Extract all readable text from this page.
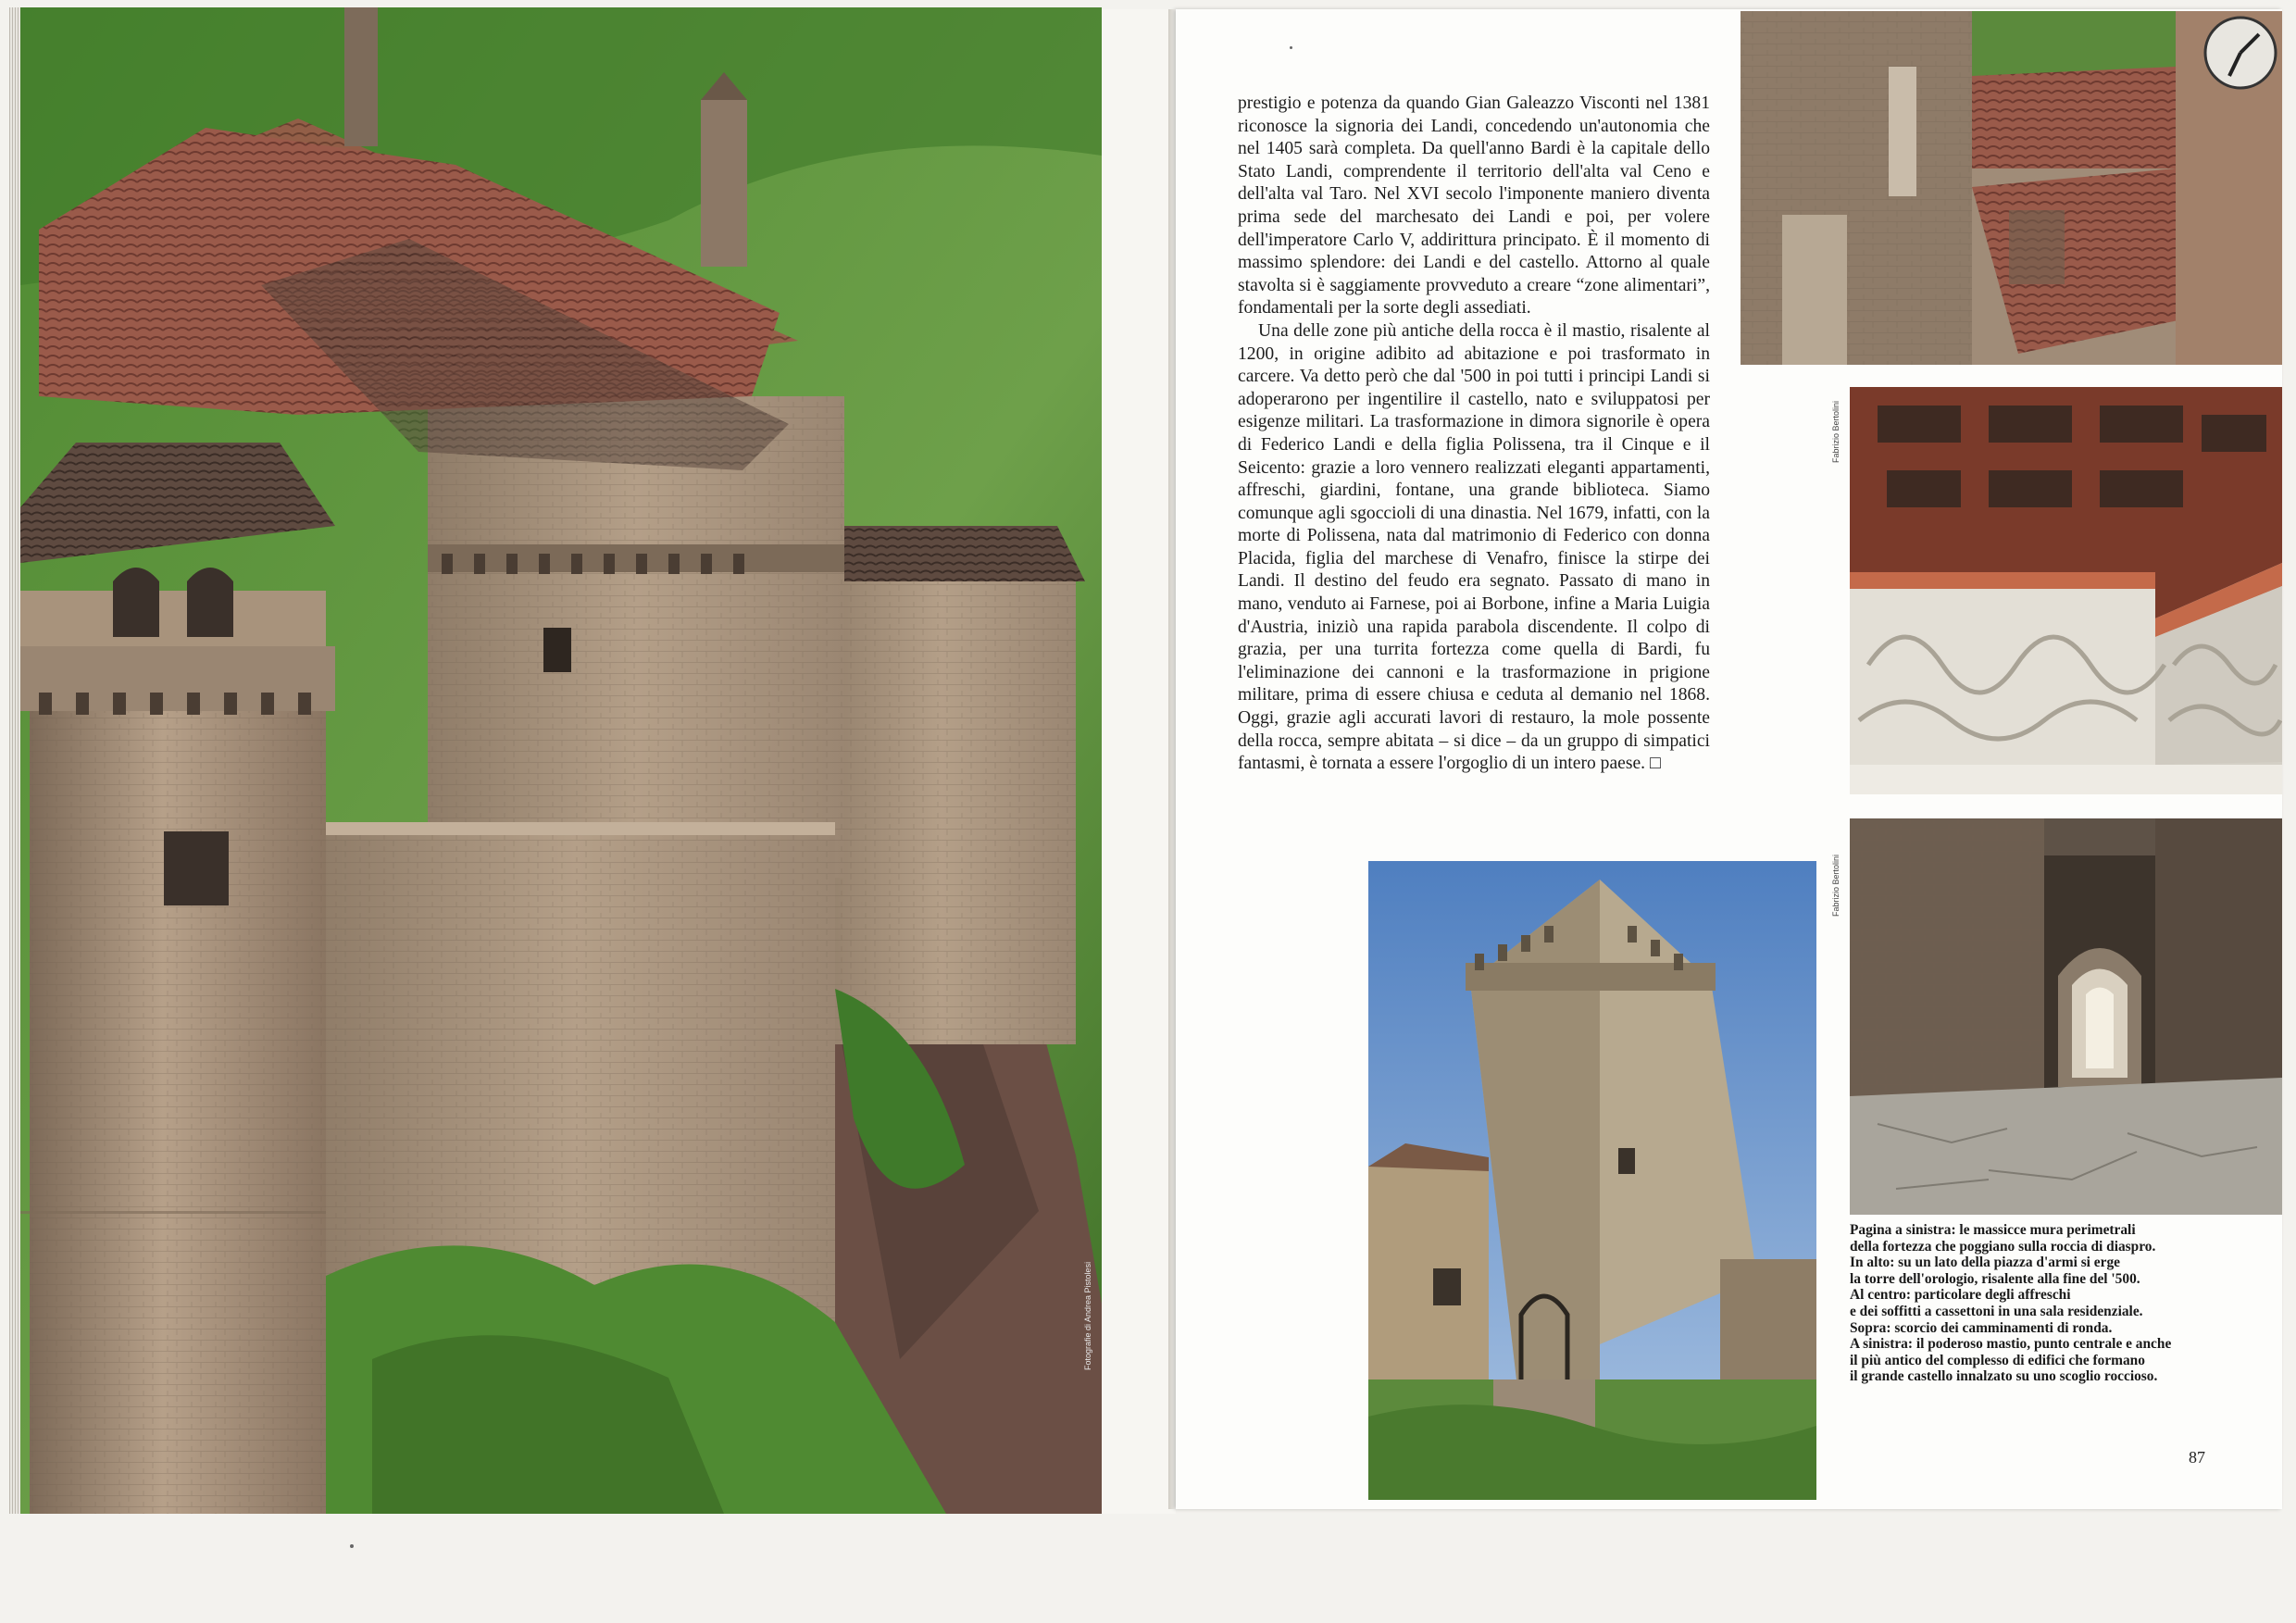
Fotografie di Andrea Pistolesi

prestigio e potenza da quando Gian Galeazzo Visconti nel 1381 riconosce la signoria dei Landi, concedendo un'autonomia che nel 1405 sarà completa. Da quell'anno Bardi è la capitale dello Stato Landi, comprendente il territorio dell'alta val Ceno e dell'alta val Taro. Nel XVI secolo l'imponente maniero diventa prima sede del marchesato dei Landi e poi, per volere dell'imperatore Carlo V, addirittura principato. È il momento di massimo splendore: dei Landi e del castello. Attorno al quale stavolta si è saggiamente provveduto a creare “zone alimentari”, fondamentali per la sorte degli assediati.

Una delle zone più antiche della rocca è il mastio, risalente al 1200, in origine adibito ad abitazione e poi trasformato in carcere. Va detto però che dal '500 in poi tutti i principi Landi si adoperarono per ingentilire il castello, nato e sviluppatosi per esigenze militari. La trasformazione in dimora signorile è opera di Federico Landi e della figlia Polissena, tra il Cinque e il Seicento: grazie a loro vennero realizzati eleganti appartamenti, affreschi, giardini, fontane, una grande biblioteca. Siamo comunque agli sgoccioli di una dinastia. Nel 1679, infatti, con la morte di Polissena, nata dal matrimonio di Federico con donna Placida, figlia del marchese di Venafro, finisce la stirpe dei Landi. Il destino del feudo era segnato. Passato di mano in mano, venduto ai Farnese, poi ai Borbone, infine a Maria Luigia d'Austria, iniziò una rapida parabola discendente. Il colpo di grazia, per una turrita fortezza come quella di Bardi, fu l'eliminazione dei cannoni e la trasformazione in prigione militare, prima di essere chiusa e ceduta al demanio nel 1868. Oggi, grazie agli accurati lavori di restauro, la mole possente della rocca, sempre abitata – si dice – da un gruppo di simpatici fantasmi, è tornata a essere l'orgoglio di un intero paese. □

Fabrizio Bertolini
Fabrizio Bertolini
Pagina a sinistra: le massicce mura perimetrali
della fortezza che poggiano sulla roccia di diaspro.
In alto: su un lato della piazza d'armi si erge
la torre dell'orologio, risalente alla fine del '500.
Al centro: particolare degli affreschi
e dei soffitti a cassettoni in una sala residenziale.
Sopra: scorcio dei camminamenti di ronda.
A sinistra: il poderoso mastio, punto centrale e anche
il più antico del complesso di edifici che formano
il grande castello innalzato su uno scoglio roccioso.
87
